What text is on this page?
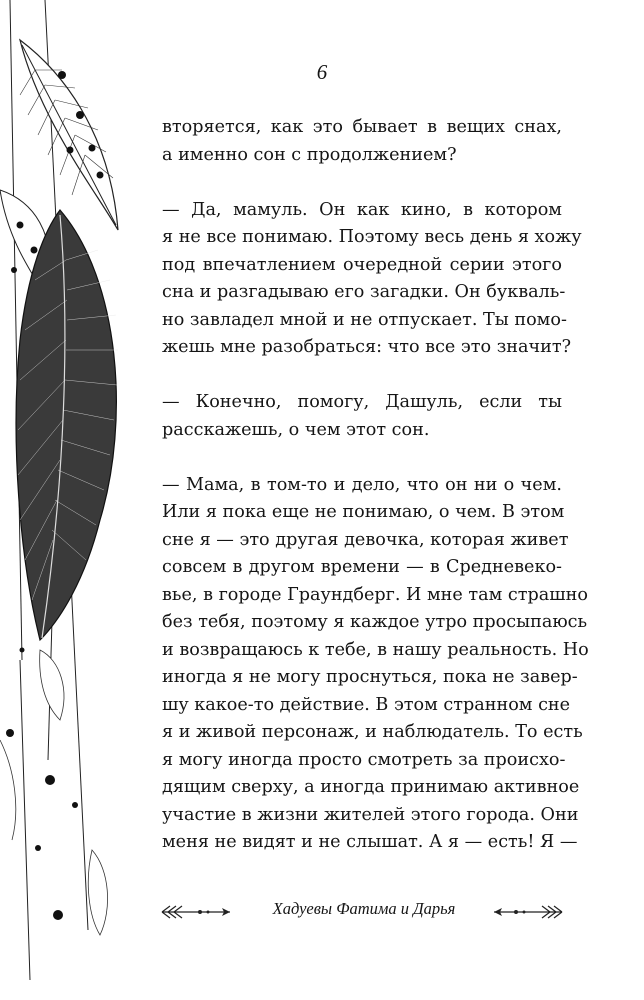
6

вторяется, как это бывает в вещих снах,
а именно сон с продолжением?

— Да, мамуль. Он как кино, в котором
я не все понимаю. Поэтому весь день я хожу
под впечатлением очередной серии этого
сна и разгадываю его загадки. Он букваль-
но завладел мной и не отпускает. Ты помо-
жешь мне разобраться: что все это значит?

— Конечно, помогу, Дашуль, если ты
расскажешь, о чем этот сон.

— Мама, в том-то и дело, что он ни о чем.
Или я пока еще не понимаю, о чем. В этом
сне я — это другая девочка, которая живет
совсем в другом времени — в Средневеко-
вье, в городе Граундберг. И мне там страшно
без тебя, поэтому я каждое утро просыпаюсь
и возвращаюсь к тебе, в нашу реальность. Но
иногда я не могу проснуться, пока не завер-
шу какое-то действие. В этом странном сне
я и живой персонаж, и наблюдатель. То есть
я могу иногда просто смотреть за происхо-
дящим сверху, а иногда принимаю активное
участие в жизни жителей этого города. Они
меня не видят и не слышат. А я — есть! Я —

Хадуевы Фатима и Дарья
